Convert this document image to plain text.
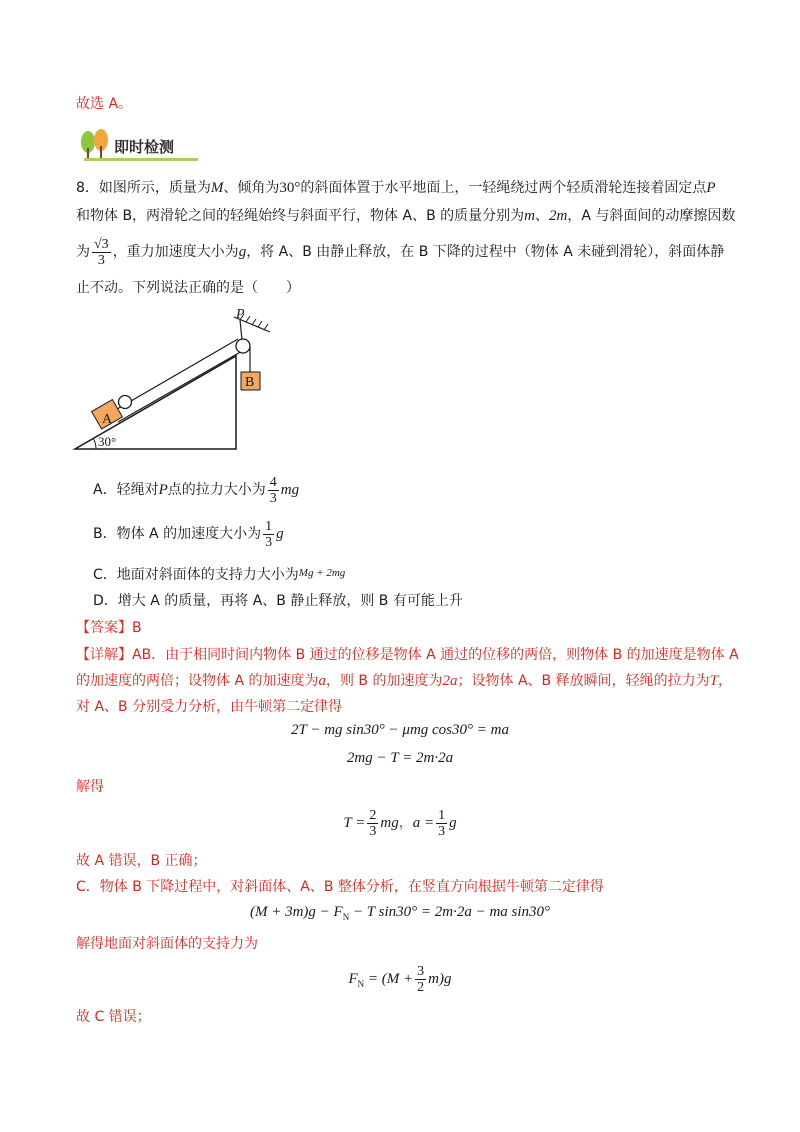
故选 A。
即时检测
8．如图所示，质量为M、倾角为30°的斜面体置于水平地面上，一轻绳绕过两个轻质滑轮连接着固定点P
和物体 B，两滑轮之间的轻绳始终与斜面平行，物体 A、B 的质量分别为m、2m，A 与斜面间的动摩擦因数
为 $\frac{√3}{3}$ ，重力加速度大小为g，将 A、B 由静止释放，在 B 下降的过程中（物体 A 未碰到滑轮），斜面体静
止不动。下列说法正确的是（　　）
A
B
P
30°
A．轻绳对P点的拉力大小为 $\frac{4}{3}$ mg
B．物体 A 的加速度大小为 $\frac{1}{3}$ g
C．地面对斜面体的支持力大小为$^{Mg + 2mg}$
D．增大 A 的质量，再将 A、B 静止释放，则 B 有可能上升
【答案】B
【详解】AB．由于相同时间内物体 B 通过的位移是物体 A 通过的位移的两倍，则物体 B 的加速度是物体 A
的加速度的两倍；设物体 A 的加速度为a，则 B 的加速度为2a；设物体 A、B 释放瞬间，轻绳的拉力为T，
对 A、B 分别受力分析，由牛顿第二定律得
2T − mg sin30° − μmg cos30° = ma
2mg − T = 2m·2a
解得
$T = \frac{2}{3}$ mg，$a = \frac{1}{3}$ g
故 A 错误，B 正确；
C．物体 B 下降过程中，对斜面体、A、B 整体分析，在竖直方向根据牛顿第二定律得
$(M + 3m)g - F_N - T$ sin30° = 2m·2a − ma sin30°
解得地面对斜面体的支持力为
$F_N = (M + \frac{3}{2} m)g$
故 C 错误；
